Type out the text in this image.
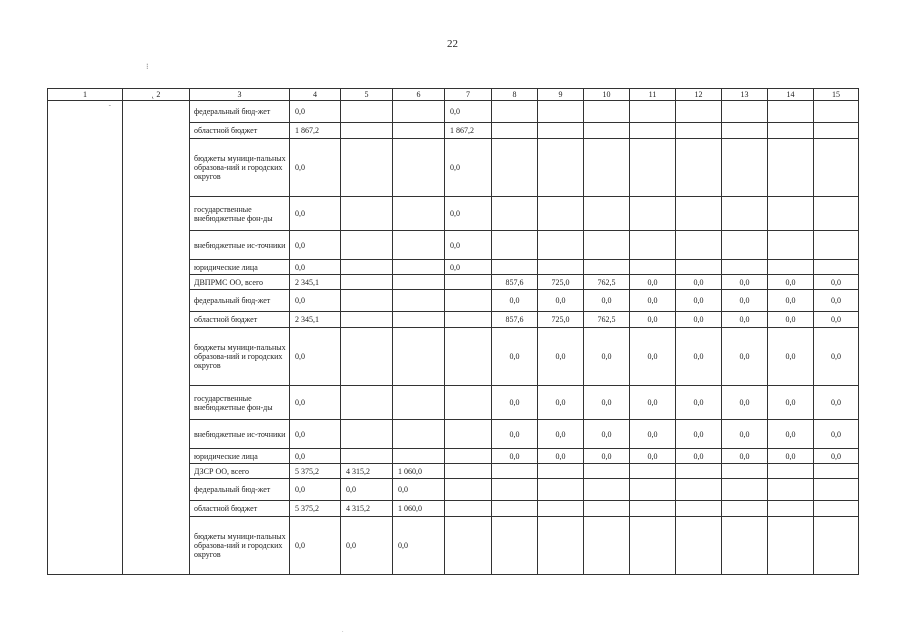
22
⁝
.
1	˛ 2	3	4	5	6	7	8	9	10	11	12	13	14	15

-		федеральный бюд-жет	0,0			0,0								
		областной бюджет	1 867,2			1 867,2								
		бюджеты муници-пальных образова-ний и городских округов	0,0			0,0								
		государственные внебюджетные фон-ды	0,0			0,0								
		внебюджетные ис-точники	0,0			0,0								
		юридические лица	0,0			0,0								
		ДВПРМС ОО, всего	2 345,1				857,6	725,0	762,5	0,0	0,0	0,0	0,0	0,0
		федеральный бюд-жет	0,0				0,0	0,0	0,0	0,0	0,0	0,0	0,0	0,0
		областной бюджет	2 345,1				857,6	725,0	762,5	0,0	0,0	0,0	0,0	0,0
		бюджеты муници-пальных образова-ний и городских округов	0,0				0,0	0,0	0,0	0,0	0,0	0,0	0,0	0,0
		государственные внебюджетные фон-ды	0,0				0,0	0,0	0,0	0,0	0,0	0,0	0,0	0,0
		внебюджетные ис-точники	0,0				0,0	0,0	0,0	0,0	0,0	0,0	0,0	0,0
		юридические лица	0,0				0,0	0,0	0,0	0,0	0,0	0,0	0,0	0,0
		ДЗСР ОО, всего	5 375,2	4 315,2	1 060,0									
		федеральный бюд-жет	0,0	0,0	0,0									
		областной бюджет	5 375,2	4 315,2	1 060,0									
		бюджеты муници-пальных образова-ний и городских округов	0,0	0,0	0,0									
